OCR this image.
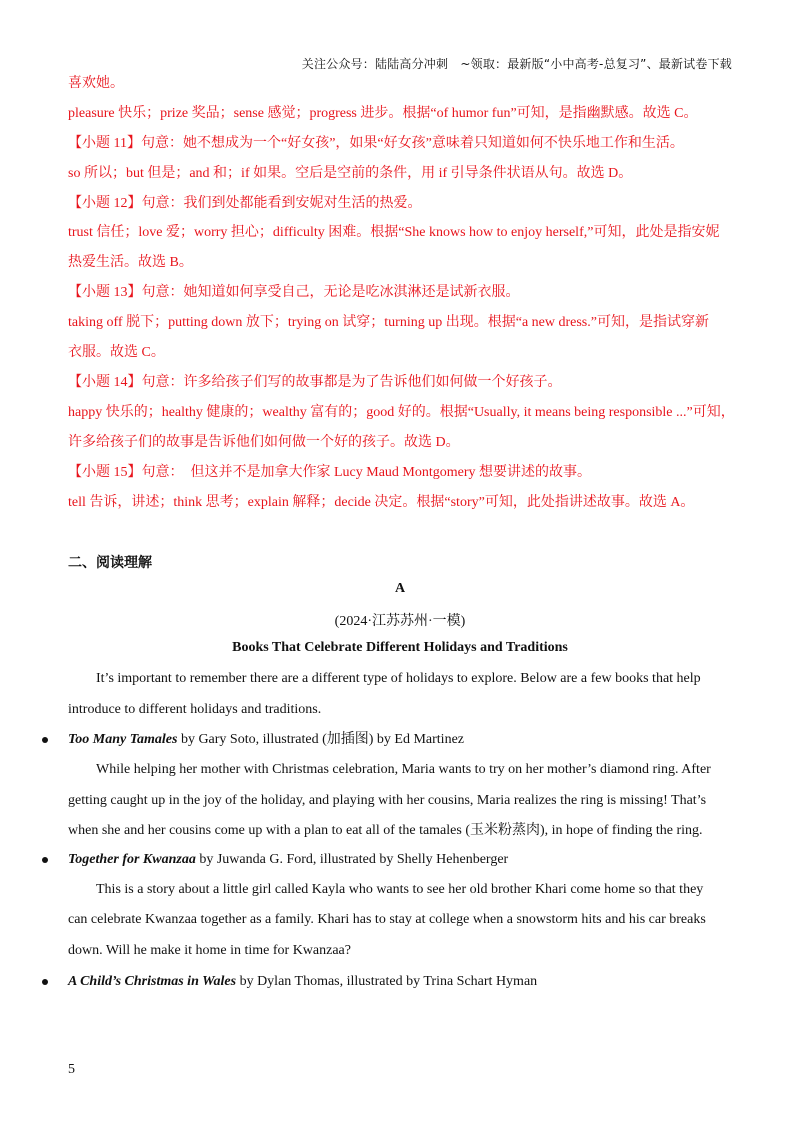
关注公众号：陆陆高分冲刺　~领取：最新版“小中高考-总复习”、最新试卷下载
喜欢她。
pleasure 快乐；prize 奖品；sense 感觉；progress 进步。根据“of humor fun”可知，是指幽默感。故选 C。
【小题 11】句意：她不想成为一个“好女孩”，如果“好女孩”意味着只知道如何不快乐地工作和生活。
so 所以；but 但是；and 和；if 如果。空后是空前的条件，用 if 引导条件状语从句。故选 D。
【小题 12】句意：我们到处都能看到安妮对生活的热爱。
trust 信任；love 爱；worry 担心；difficulty 困难。根据“She knows how to enjoy herself,”可知，此处是指安妮
热爱生活。故选 B。
【小题 13】句意：她知道如何享受自己，无论是吃冰淇淋还是试新衣服。
taking off 脱下；putting down 放下；trying on 试穿；turning up 出现。根据“a new dress.”可知，是指试穿新
衣服。故选 C。
【小题 14】句意：许多给孩子们写的故事都是为了告诉他们如何做一个好孩子。
happy 快乐的；healthy 健康的；wealthy 富有的；good 好的。根据“Usually, it means being responsible ...”可知，
许多给孩子们的故事是告诉他们如何做一个好的孩子。故选 D。
【小题 15】句意：　但这并不是加拿大作家 Lucy Maud Montgomery 想要讲述的故事。
tell 告诉，讲述；think 思考；explain 解释；decide 决定。根据“story”可知，此处指讲述故事。故选 A。
二、阅读理解
A
(2024·江苏苏州·一模)
Books That Celebrate Different Holidays and Traditions
It’s important to remember there are a different type of holidays to explore. Below are a few books that help
introduce to different holidays and traditions.
Too Many Tamales by Gary Soto, illustrated (加插图) by Ed Martinez
While helping her mother with Christmas celebration, Maria wants to try on her mother’s diamond ring. After
getting caught up in the joy of the holiday, and playing with her cousins, Maria realizes the ring is missing! That’s
when she and her cousins come up with a plan to eat all of the tamales (玉米粉蒸肉), in hope of finding the ring.
Together for Kwanzaa by Juwanda G. Ford, illustrated by Shelly Hehenberger
This is a story about a little girl called Kayla who wants to see her old brother Khari come home so that they
can celebrate Kwanzaa together as a family. Khari has to stay at college when a snowstorm hits and his car breaks
down. Will he make it home in time for Kwanzaa?
A Child’s Christmas in Wales by Dylan Thomas, illustrated by Trina Schart Hyman
5
